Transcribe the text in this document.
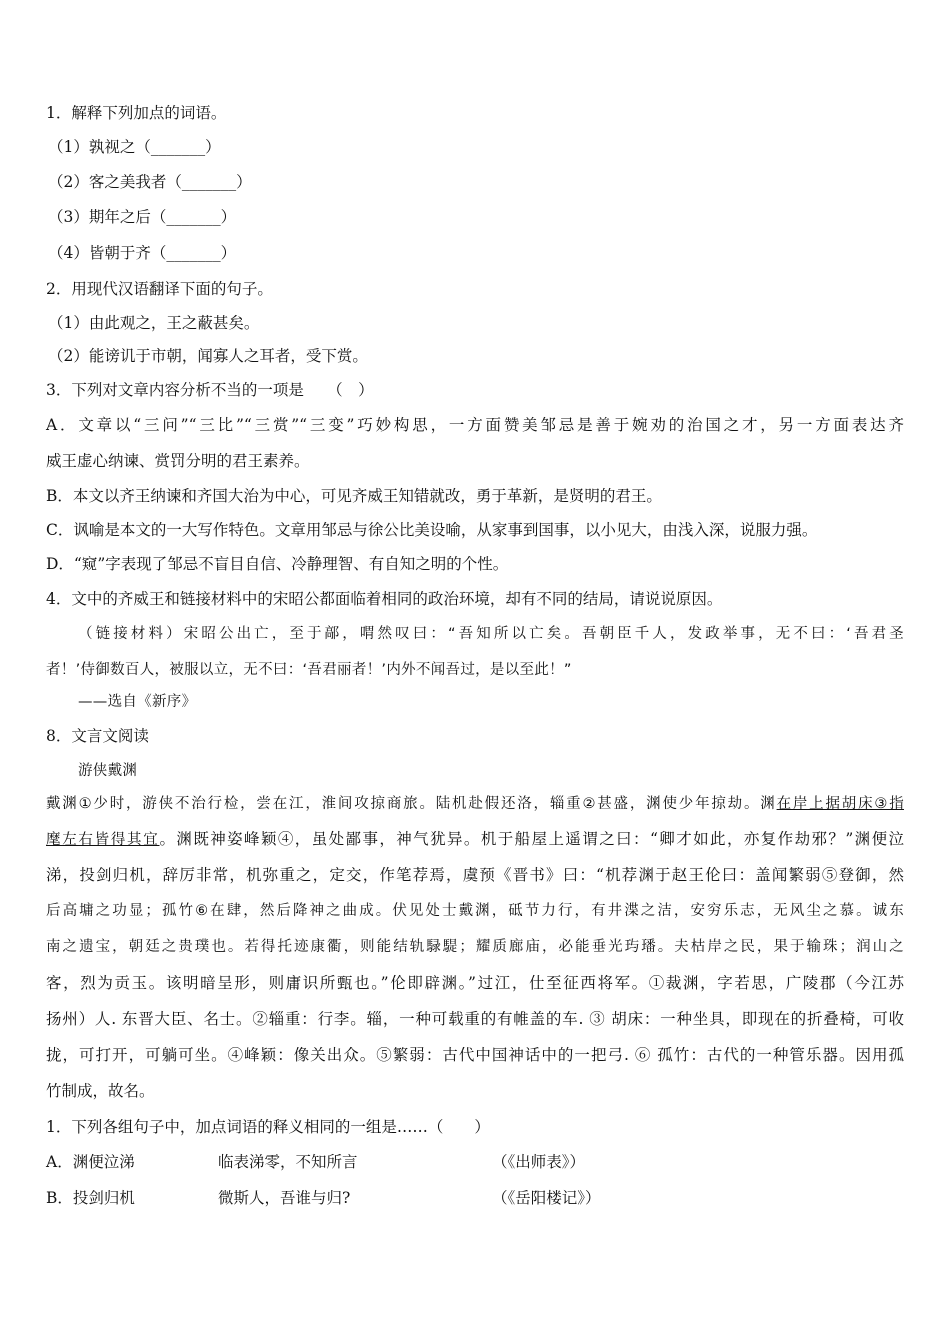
1．解释下列加点的词语。
（1）孰视之（_______）
（2）客之美我者（_______）
（3）期年之后（_______）
（4）皆朝于齐（_______）
2．用现代汉语翻译下面的句子。
（1）由此观之，王之蔽甚矣。
（2）能谤讥于市朝，闻寡人之耳者，受下赏。
3．下列对文章内容分析不当的一项是　　（　）
A．文章以“三问”“三比”“三赏”“三变”巧妙构思，一方面赞美邹忌是善于婉劝的治国之才，另一方面表达齐
威王虚心纳谏、赏罚分明的君王素养。
B．本文以齐王纳谏和齐国大治为中心，可见齐威王知错就改，勇于革新，是贤明的君王。
C．讽喻是本文的一大写作特色。文章用邹忌与徐公比美设喻，从家事到国事，以小见大，由浅入深，说服力强。
D．“窥”字表现了邹忌不盲目自信、冷静理智、有自知之明的个性。
4．文中的齐威王和链接材料中的宋昭公都面临着相同的政治环境，却有不同的结局，请说说原因。
（链接材料）宋昭公出亡，至于鄗，喟然叹曰：“吾知所以亡矣。吾朝臣千人，发政举事，无不曰：‘吾君圣
者！’侍御数百人，被服以立，无不曰：‘吾君丽者！’内外不闻吾过，是以至此！”
——选自《新序》
8．文言文阅读
游侠戴渊
戴渊①少时，游侠不治行检，尝在江，淮间攻掠商旅。陆机赴假还洛，辎重②甚盛，渊使少年掠劫。渊在岸上据胡床③指
麾左右皆得其宜。渊既神姿峰颖④，虽处鄙事，神气犹异。机于船屋上遥谓之曰：“卿才如此，亦复作劫邪？”渊便泣
涕，投剑归机，辞厉非常，机弥重之，定交，作笔荐焉，虞预《晋书》曰：“机荐渊于赵王伦曰：盖闻繁弱⑤登御，然
后高墉之功显；孤竹⑥在肆，然后降神之曲成。伏见处士戴渊，砥节力行，有井渫之洁，安穷乐志，无风尘之慕。诚东
南之遗宝，朝廷之贵璞也。若得托迹康衢，则能结轨騄騠；耀质廊庙，必能垂光玙璠。夫枯岸之民，果于输珠；润山之
客，烈为贡玉。该明暗呈形，则庸识所甄也。”伦即辟渊。”过江，仕至征西将军。①裁渊，字若思，广陵郡（今江苏
扬州）人. 东晋大臣、名士。②辎重：行李。辎，一种可载重的有帷盖的车. ③ 胡床：一种坐具，即现在的折叠椅，可收
拢，可打开，可躺可坐。④峰颖：像关出众。⑤繁弱：古代中国神话中的一把弓. ⑥ 孤竹：古代的一种管乐器。因用孤
竹制成，故名。
1．下列各组句子中，加点词语的释义相同的一组是……（　　）
A．渊便泣涕	临表涕零，不知所言	（《出师表》）
B．投剑归机	微斯人，吾谁与归?	（《岳阳楼记》）
